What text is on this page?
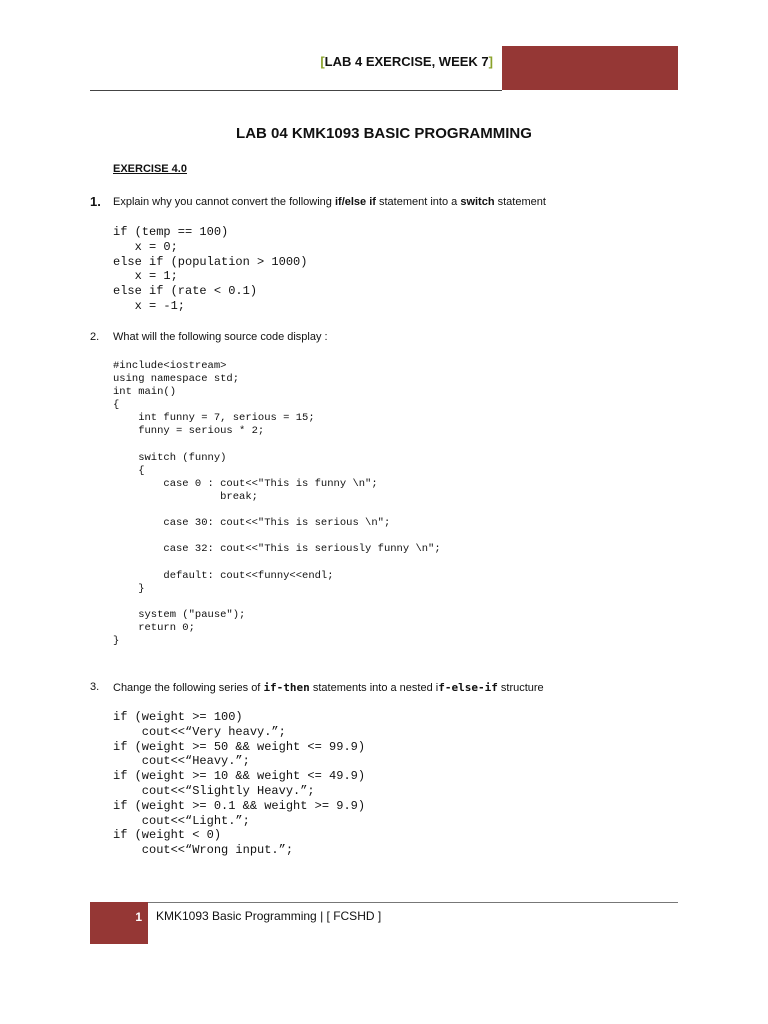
[LAB 4 EXERCISE, WEEK 7]
LAB 04 KMK1093 BASIC PROGRAMMING
EXERCISE 4.0
1. Explain why you cannot convert the following if/else if statement into a switch statement
if (temp == 100)
x = 0;
else if (population > 1000)
x = 1;
else if (rate < 0.1)
x = -1;
2. What will the following source code display :
#include<iostream>
using namespace std;
int main()
{
int funny = 7, serious = 15;
funny = serious * 2;

switch (funny)
{
case 0 : cout<<"This is funny \n";
break;

case 30: cout<<"This is serious \n";

case 32: cout<<"This is seriously funny \n";

default: cout<<funny<<endl;
}

system ("pause");
return 0;
}
3. Change the following series of if-then statements into a nested if-else-if structure
if (weight >= 100)
cout<<“Very heavy.”;
if (weight >= 50 && weight <= 99.9)
cout<<“Heavy.”;
if (weight >= 10 && weight <= 49.9)
cout<<“Slightly Heavy.”;
if (weight >= 0.1 && weight >= 9.9)
cout<<“Light.”;
if (weight < 0)
cout<<“Wrong input.”;
1 KMK1093 Basic Programming | [ FCSHD ]
